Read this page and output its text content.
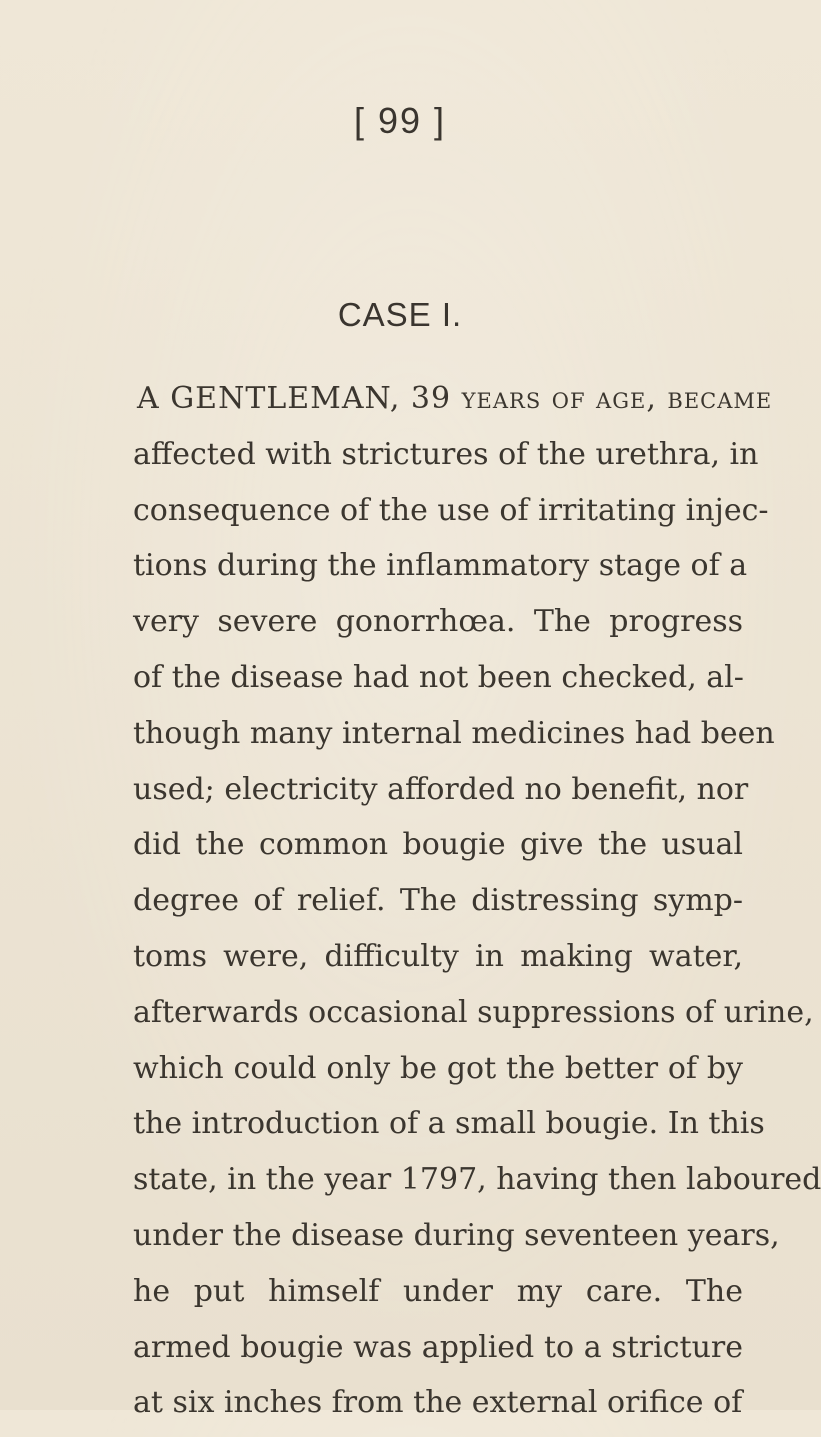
[ 99 ]
CASE I.
A GENTLEMAN, 39 years of age, became
affected with strictures of the urethra, in
consequence of the use of irritating injec-
tions during the inflammatory stage of a
very severe gonorrhœa. The progress
of the disease had not been checked, al-
though many internal medicines had been
used; electricity afforded no benefit, nor
did the common bougie give the usual
degree of relief. The distressing symp-
toms were, difficulty in making water,
afterwards occasional suppressions of urine,
which could only be got the better of by
the introduction of a small bougie. In this
state, in the year 1797, having then laboured
under the disease during seventeen years,
he put himself under my care. The
armed bougie was applied to a stricture
at six inches from the external orifice of
